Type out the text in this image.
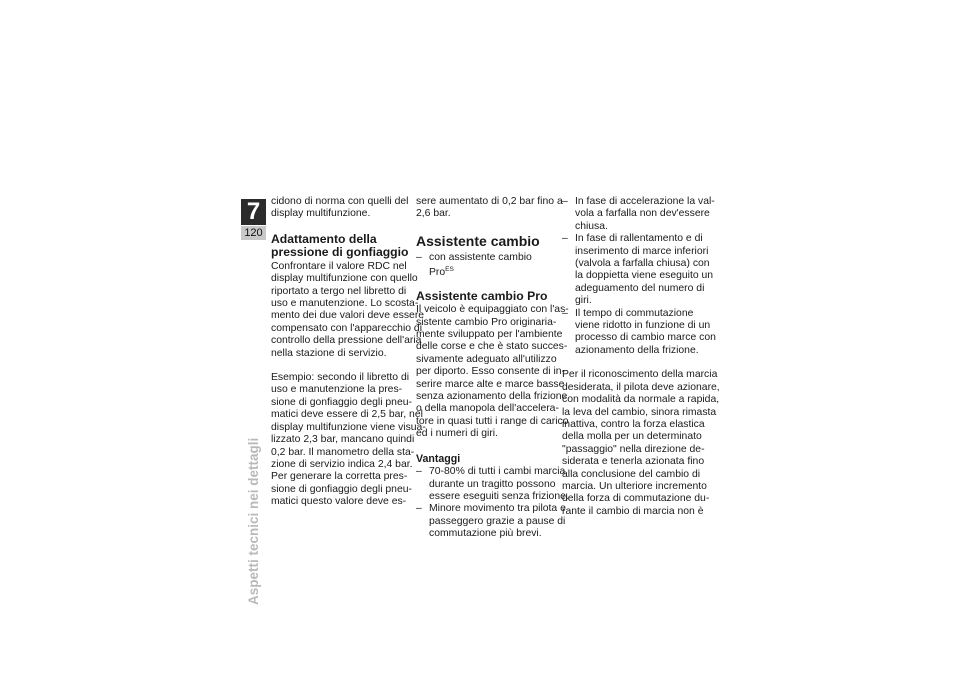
7
120
Aspetti tecnici nei dettagli

cidono di norma con quelli del
display multifunzione.

Adattamento della
pressione di gonfiaggio

Confrontare il valore RDC nel
display multifunzione con quello
riportato a tergo nel libretto di
uso e manutenzione. Lo scosta-
mento dei due valori deve essere
compensato con l'apparecchio di
controllo della pressione dell'aria
nella stazione di servizio.

Esempio: secondo il libretto di
uso e manutenzione la pres-
sione di gonfiaggio degli pneu-
matici deve essere di 2,5 bar, nel
display multifunzione viene visua-
lizzato 2,3 bar, mancano quindi
0,2 bar. Il manometro della sta-
zione di servizio indica 2,4 bar.
Per generare la corretta pres-
sione di gonfiaggio degli pneu-
matici questo valore deve es-

sere aumentato di 0,2 bar fino a
2,6 bar.

Assistente cambio
– con assistente cambio Pro$^{ES}$
Assistente cambio Pro

Il veicolo è equipaggiato con l'as-
sistente cambio Pro originaria-
mente sviluppato per l'ambiente
delle corse e che è stato succes-
sivamente adeguato all'utilizzo
per diporto. Esso consente di in-
serire marce alte e marce basse
senza azionamento della frizione
o della manopola dell'accelera-
tore in quasi tutti i range di carico
ed i numeri di giri.

Vantaggi
– 70-80% di tutti i cambi marcia
durante un tragitto possono
essere eseguiti senza frizione.
– Minore movimento tra pilota e
passeggero grazie a pause di
commutazione più brevi.
– In fase di accelerazione la val-
vola a farfalla non dev'essere
chiusa.
– In fase di rallentamento e di
inserimento di marce inferiori
(valvola a farfalla chiusa) con
la doppietta viene eseguito un
adeguamento del numero di
giri.
– Il tempo di commutazione
viene ridotto in funzione di un
processo di cambio marce con
azionamento della frizione.

Per il riconoscimento della marcia
desiderata, il pilota deve azionare,
con modalità da normale a rapida,
la leva del cambio, sinora rimasta
inattiva, contro la forza elastica
della molla per un determinato
"passaggio" nella direzione de-
siderata e tenerla azionata fino
alla conclusione del cambio di
marcia. Un ulteriore incremento
della forza di commutazione du-
rante il cambio di marcia non è
